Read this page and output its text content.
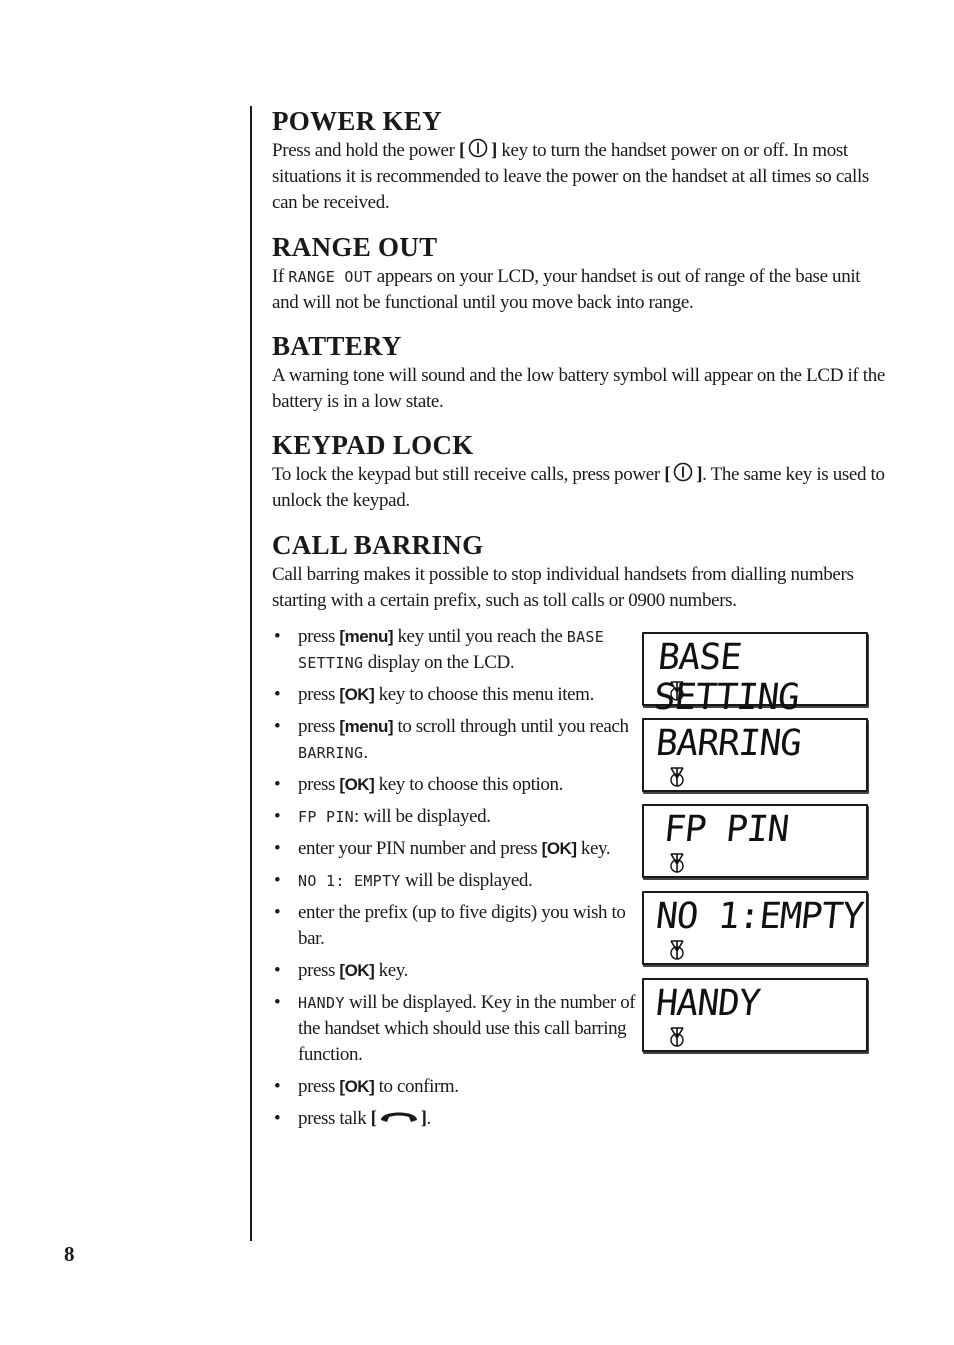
8
POWER KEY

Press and hold the power [ ] key to turn the handset power on or off. In most situations it is recommended to leave the power on the handset at all times so calls can be received.

RANGE OUT

If RANGE OUT appears on your LCD, your handset is out of range of the base unit and will not be functional until you move back into range.

BATTERY

A warning tone will sound and the low battery symbol will appear on the LCD if the battery is in a low state.

KEYPAD LOCK

To lock the keypad but still receive calls, press power [ ]. The same key is used to unlock the keypad.

CALL BARRING

Call barring makes it possible to stop individual handsets from dialling numbers starting with a certain prefix, such as toll calls or 0900 numbers.

• press [menu] key until you reach the BASE SETTING display on the LCD.
• press [OK] key to choose this menu item.
• press [menu] to scroll through until you reach BARRING.
• press [OK] key to choose this option.
• FP PIN: will be displayed.
• enter your PIN number and press [OK] key.
• NO 1: EMPTY will be displayed.
• enter the prefix (up to five digits) you wish to bar.
• press [OK] key.
• HANDY will be displayed. Key in the number of the handset which should use this call barring function.
• press [OK] to confirm.
• press talk [ ].
BASE SETTING
BARRING
FP PIN
NO 1:EMPTY
HANDY
